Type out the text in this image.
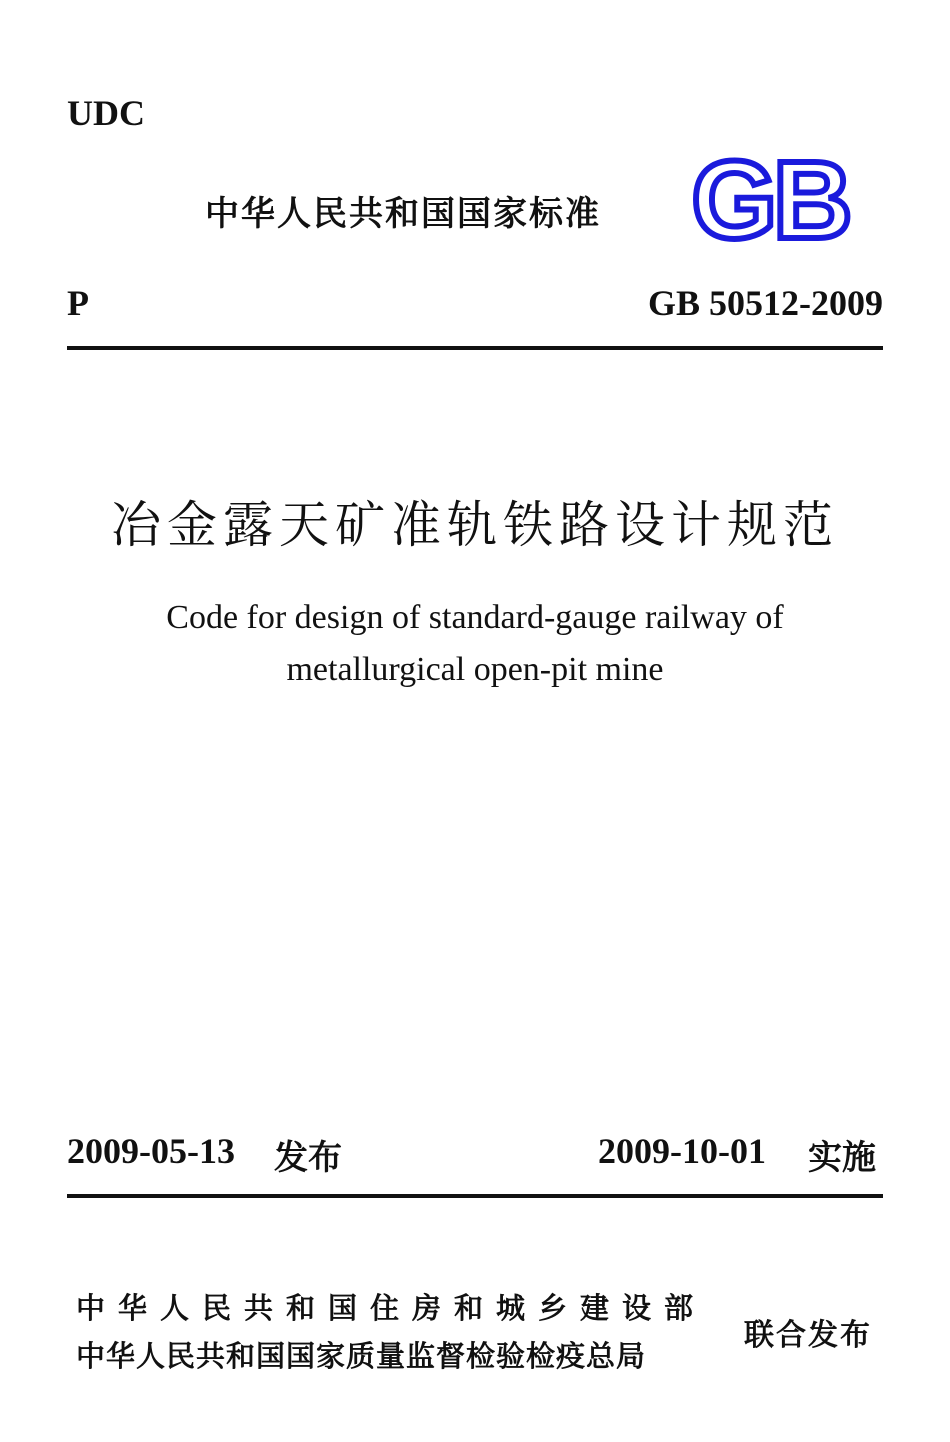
UDC
中华人民共和国国家标准 GB
P	GB 50512-2009
冶金露天矿准轨铁路设计规范
Code for design of standard-gauge railway of
metallurgical open-pit mine
2009-05-13 发布	2009-10-01 实施
中华人民共和国住房和城乡建设部
中华人民共和国国家质量监督检验检疫总局
联合发布
